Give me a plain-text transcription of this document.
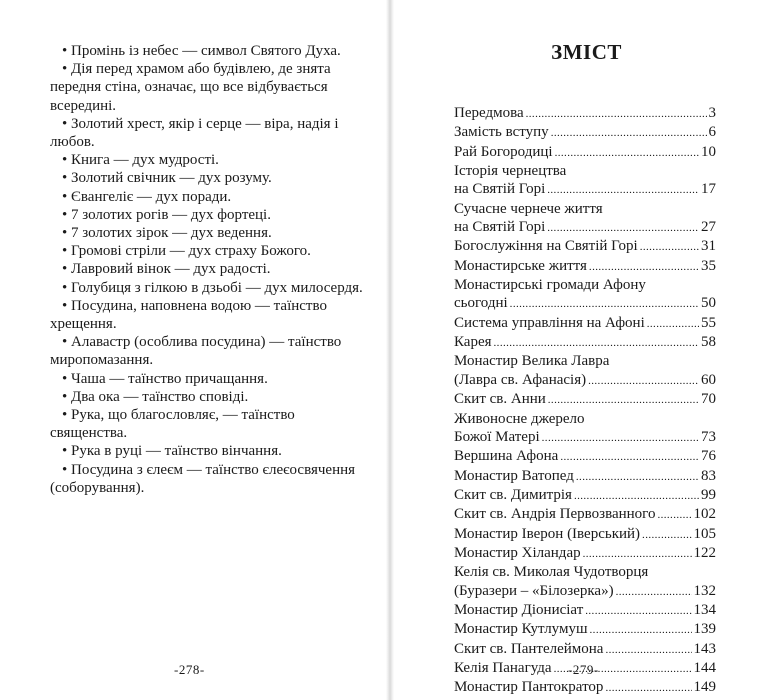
• Промінь із небес — символ Святого Духа.

• Дія перед храмом або будівлею, де знята передня стіна, означає, що все відбувається всередині.

• Золотий хрест, якір і серце — віра, надія і любов.

• Книга — дух мудрості.

• Золотий свічник — дух розуму.

• Євангеліє — дух поради.

• 7 золотих рогів — дух фортеці.

• 7 золотих зірок — дух ведення.

• Громові стріли — дух страху Божого.

• Лавровий вінок — дух радості.

• Голубиця з гілкою в дзьобі — дух милосердя.

• Посудина, наповнена водою — таїнство хрещення.

• Алавастр (особлива посудина) — таїнство миропомазання.

• Чаша — таїнство причащання.

• Два ока — таїнство сповіді.

• Рука, що благословляє, — таїнство священства.

• Рука в руці — таїнство вінчання.

• Посудина з єлеєм — таїнство єлеєосвячення (соборування).

-278-
ЗМІСТ
Передмова .....	3
Замість вступу .....	6
Рай Богородиці .....	10
Історія чернецтва
на Святій Горі .....	17
Сучасне чернече життя
на Святій Горі .....	27
Богослужіння на Святій Горі .....	31
Монастирське життя .....	35
Монастирські громади Афону
сьогодні .....	50
Система управління на Афоні .....	55
Карея .....	58
Монастир Велика Лавра
(Лавра св. Афанасія) .....	60
Скит св. Анни .....	70
Живоносне джерело
Божої Матері .....	73
Вершина Афона .....	76
Монастир Ватопед .....	83
Скит св. Димитрія .....	99
Скит св. Андрія Первозванного .....	102
Монастир Іверон (Іверський) .....	105
Монастир Хіландар .....	122
Келія св. Миколая Чудотворця
(Буразери – «Білозерка») .....	132
Монастир Діонисіат .....	134
Монастир Кутлумуш .....	139
Скит св. Пантелеймона .....	143
Келія Панагуда .....	144
Монастир Пантократор .....	149
-279-
